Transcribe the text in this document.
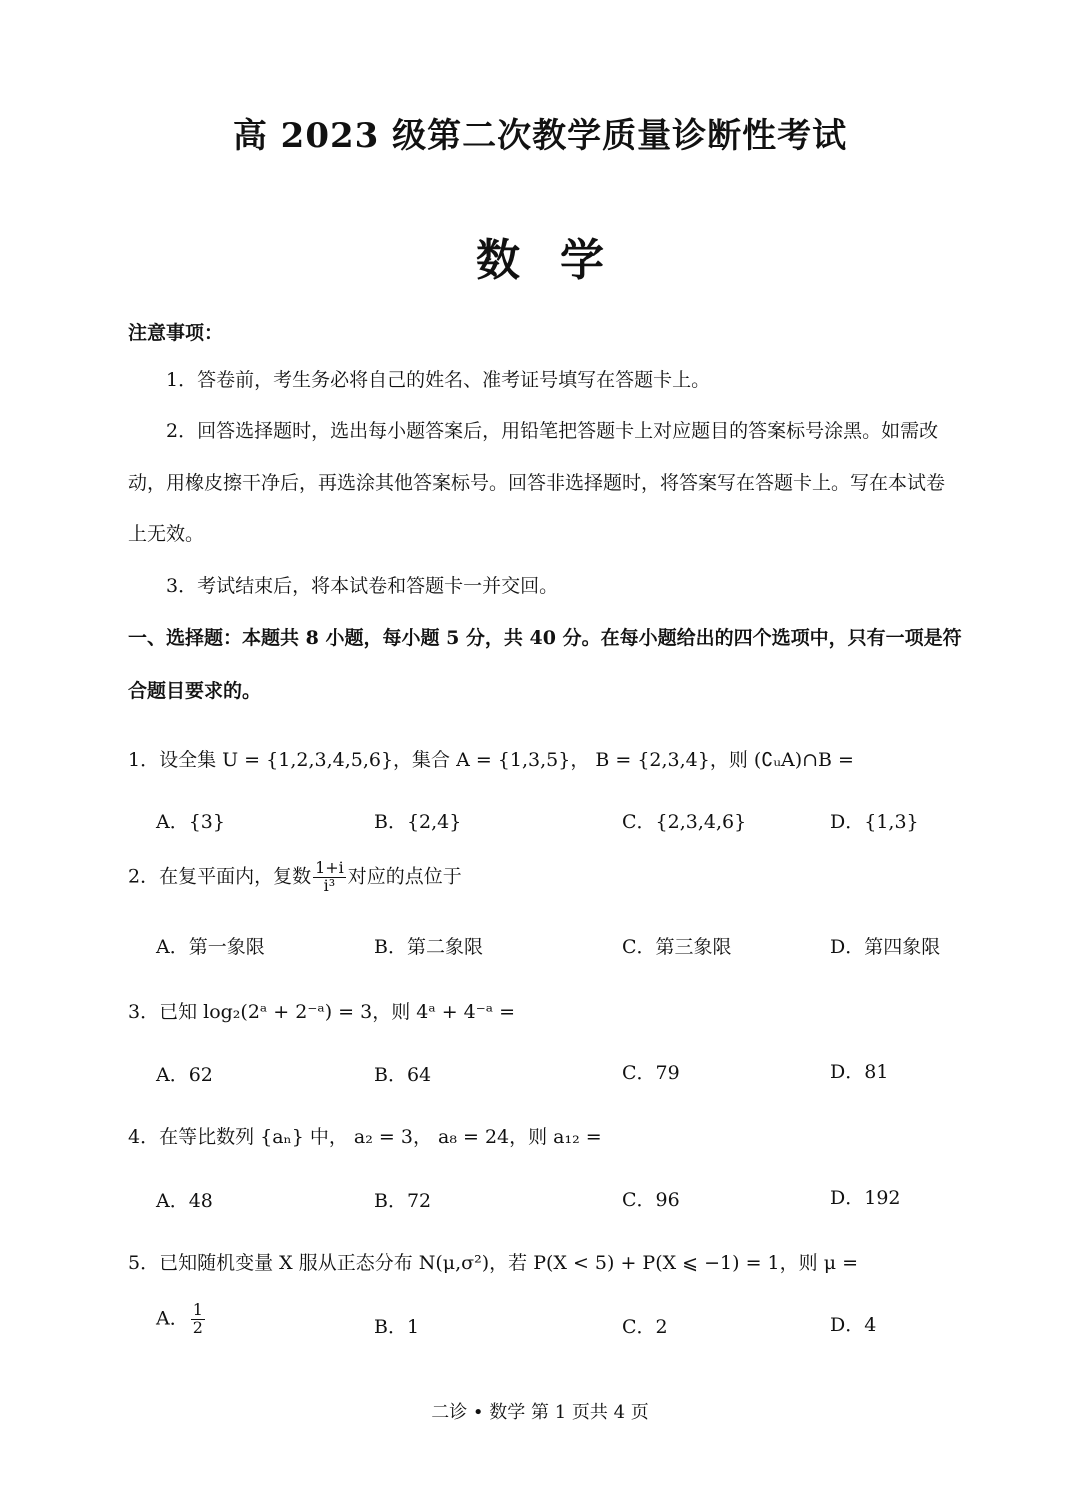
高 2023 级第二次教学质量诊断性考试
数学
注意事项：
1．答卷前，考生务必将自己的姓名、准考证号填写在答题卡上。
2．回答选择题时，选出每小题答案后，用铅笔把答题卡上对应题目的答案标号涂黑。如需改
动，用橡皮擦干净后，再选涂其他答案标号。回答非选择题时，将答案写在答题卡上。写在本试卷
上无效。
3．考试结束后，将本试卷和答题卡一并交回。
一、选择题：本题共 8 小题，每小题 5 分，共 40 分。在每小题给出的四个选项中，只有一项是符
合题目要求的。
1．设全集 U = {1,2,3,4,5,6}，集合 A = {1,3,5}， B = {2,3,4}，则 (∁ᵤA)∩B =
A．{3}	B．{2,4}	C．{2,3,4,6}	D．{1,3}
2．在复平面内，复数 $\frac{1+i}{\text{i³}}$ 对应的点位于
A．第一象限	B．第二象限	C．第三象限	D．第四象限
3．已知 log₂(2ᵃ + 2⁻ᵃ) = 3，则 4ᵃ + 4⁻ᵃ =
A．62	B．64	C．79	D．81
4．在等比数列 {aₙ} 中， a₂ = 3， a₈ = 24，则 a₁₂ =
A．48	B．72	C．96	D．192
5．已知随机变量 X 服从正态分布 N(μ,σ²)，若 P(X < 5) + P(X ⩽ −1) = 1，则 μ =
A． $\frac{1}{2}$	B．1	C．2	D．4
二诊 • 数学 第 1 页共 4 页
